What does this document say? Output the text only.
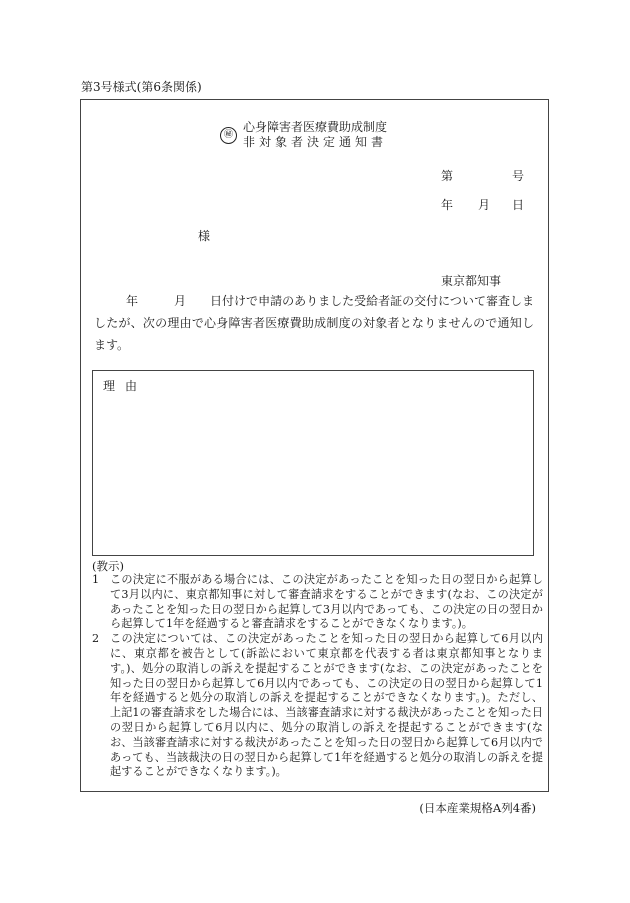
第3号様式(第6条関係)
㊙
心身障害者医療費助成制度
非対象者決定通知書
第	号
年 月 日
様
東京都知事

年	月 日付けで申請のありました受給者証の交付について審査しましたが、次の理由で心身障害者医療費助成制度の対象者となりませんので通知します。

理由
(教示)
1 この決定に不服がある場合には、この決定があったことを知った日の翌日から起算して3月以内に、東京都知事に対して審査請求をすることができます(なお、この決定があったことを知った日の翌日から起算して3月以内であっても、この決定の日の翌日から起算して1年を経過すると審査請求をすることができなくなります。)。
2 この決定については、この決定があったことを知った日の翌日から起算して6月以内に、東京都を被告として(訴訟において東京都を代表する者は東京都知事となります。)、処分の取消しの訴えを提起することができます(なお、この決定があったことを知った日の翌日から起算して6月以内であっても、この決定の日の翌日から起算して1年を経過すると処分の取消しの訴えを提起することができなくなります。)。ただし、上記1の審査請求をした場合には、当該審査請求に対する裁決があったことを知った日の翌日から起算して6月以内に、処分の取消しの訴えを提起することができます(なお、当該審査請求に対する裁決があったことを知った日の翌日から起算して6月以内であっても、当該裁決の日の翌日から起算して1年を経過すると処分の取消しの訴えを提起することができなくなります。)。
(日本産業規格A列4番)
